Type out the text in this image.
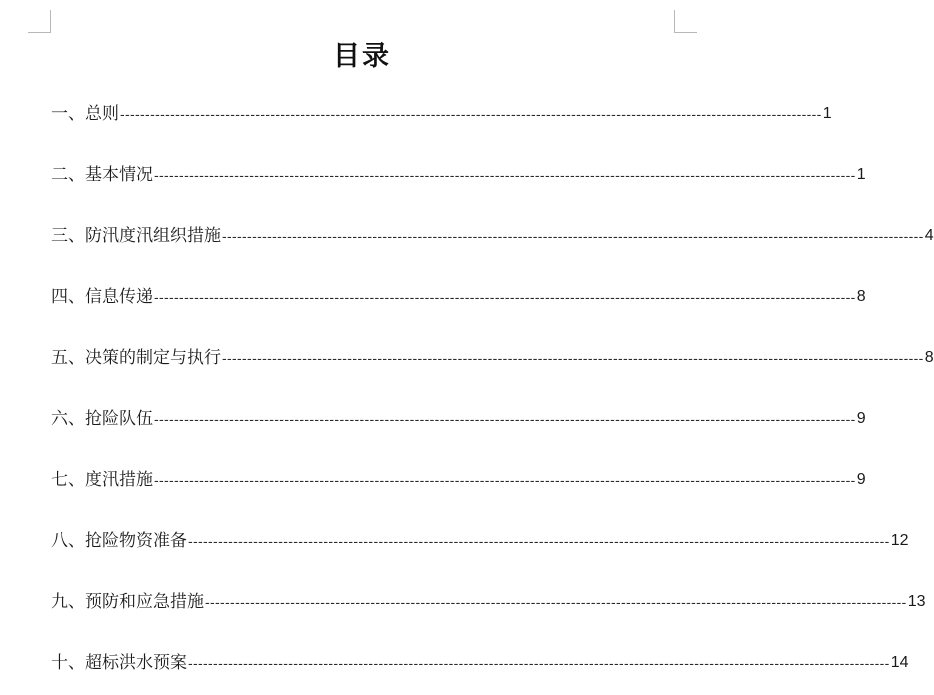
目录
一、总则 -------------------------------------------------------------------------------------------------------------------------------------------- 1
二、基本情况 -------------------------------------------------------------------------------------------------------------------------------------------- 1
三、防汛度汛组织措施 -------------------------------------------------------------------------------------------------------------------------------------------- 4
四、信息传递 -------------------------------------------------------------------------------------------------------------------------------------------- 8
五、决策的制定与执行 -------------------------------------------------------------------------------------------------------------------------------------------- 8
六、抢险队伍 -------------------------------------------------------------------------------------------------------------------------------------------- 9
七、度汛措施 -------------------------------------------------------------------------------------------------------------------------------------------- 9
八、抢险物资准备 -------------------------------------------------------------------------------------------------------------------------------------------- 12
九、预防和应急措施 -------------------------------------------------------------------------------------------------------------------------------------------- 13
十、超标洪水预案 -------------------------------------------------------------------------------------------------------------------------------------------- 14
